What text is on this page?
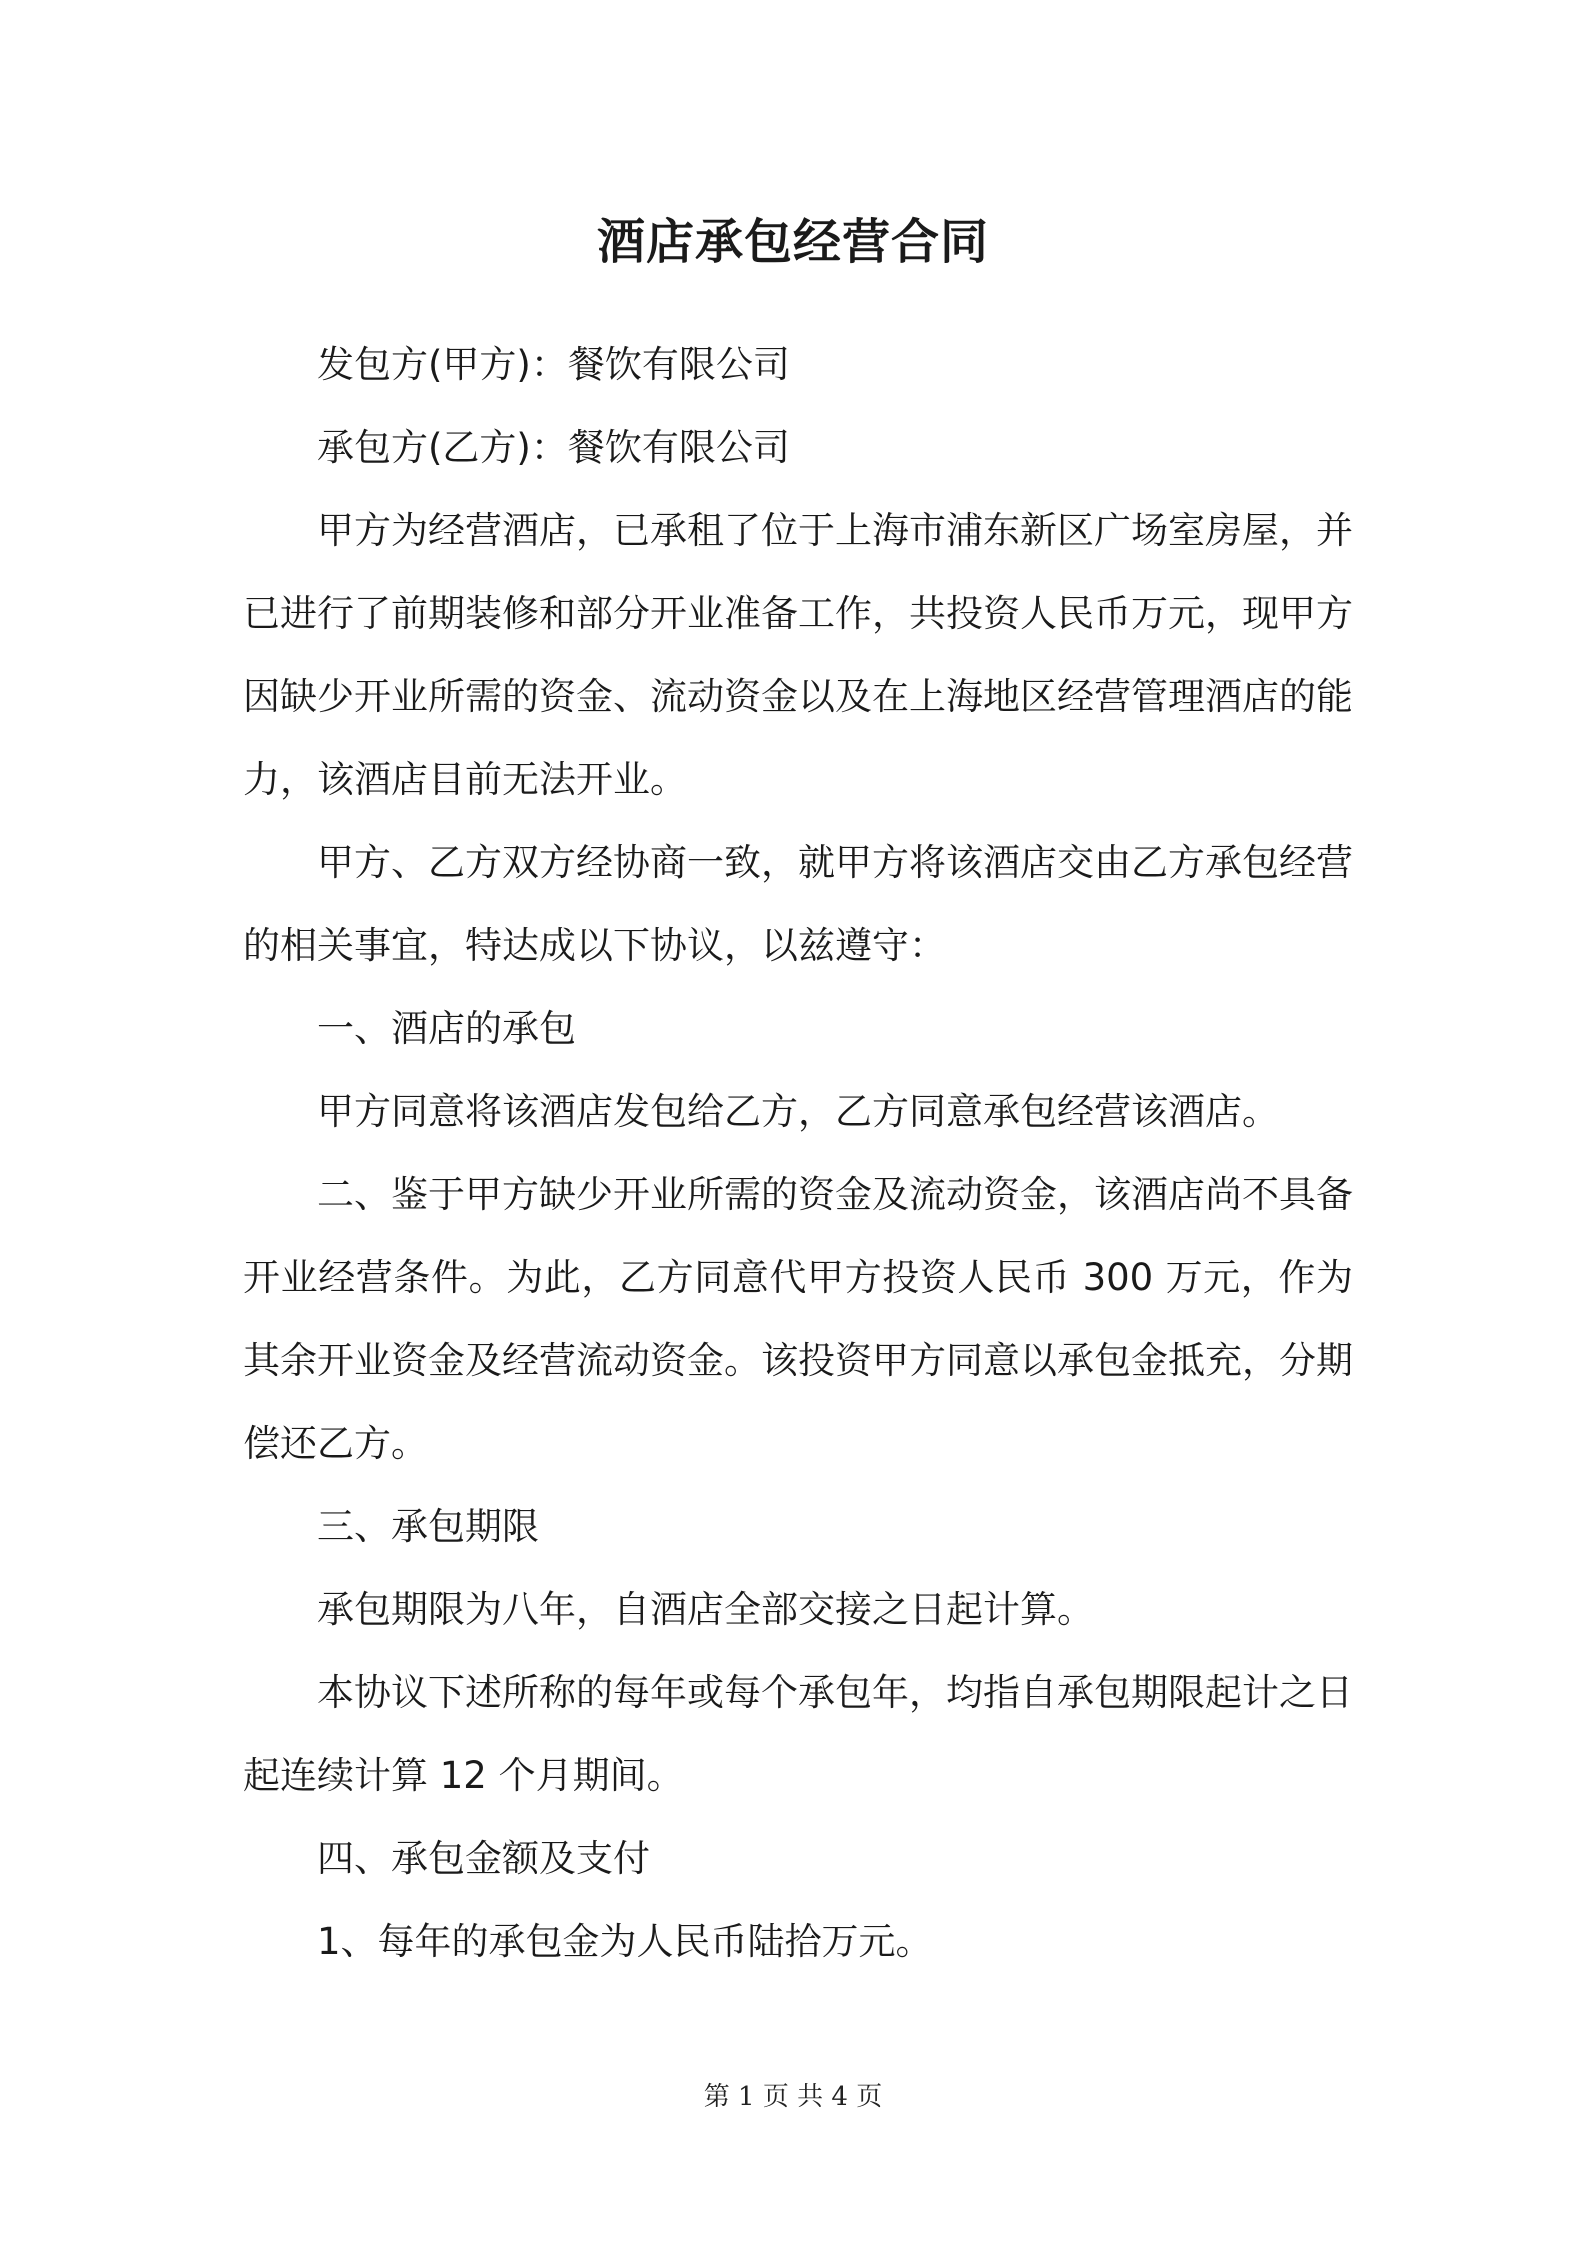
酒店承包经营合同

发包方(甲方)：餐饮有限公司

承包方(乙方)：餐饮有限公司

甲方为经营酒店，已承租了位于上海市浦东新区广场室房屋，并已进行了前期装修和部分开业准备工作，共投资人民币万元，现甲方因缺少开业所需的资金、流动资金以及在上海地区经营管理酒店的能力，该酒店目前无法开业。

甲方、乙方双方经协商一致，就甲方将该酒店交由乙方承包经营的相关事宜，特达成以下协议，以兹遵守：

一、酒店的承包

甲方同意将该酒店发包给乙方，乙方同意承包经营该酒店。

二、鉴于甲方缺少开业所需的资金及流动资金，该酒店尚不具备开业经营条件。为此，乙方同意代甲方投资人民币 300 万元，作为其余开业资金及经营流动资金。该投资甲方同意以承包金抵充，分期偿还乙方。

三、承包期限

承包期限为八年，自酒店全部交接之日起计算。

本协议下述所称的每年或每个承包年，均指自承包期限起计之日起连续计算 12 个月期间。

四、承包金额及支付

1、每年的承包金为人民币陆拾万元。

第 1 页 共 4 页
